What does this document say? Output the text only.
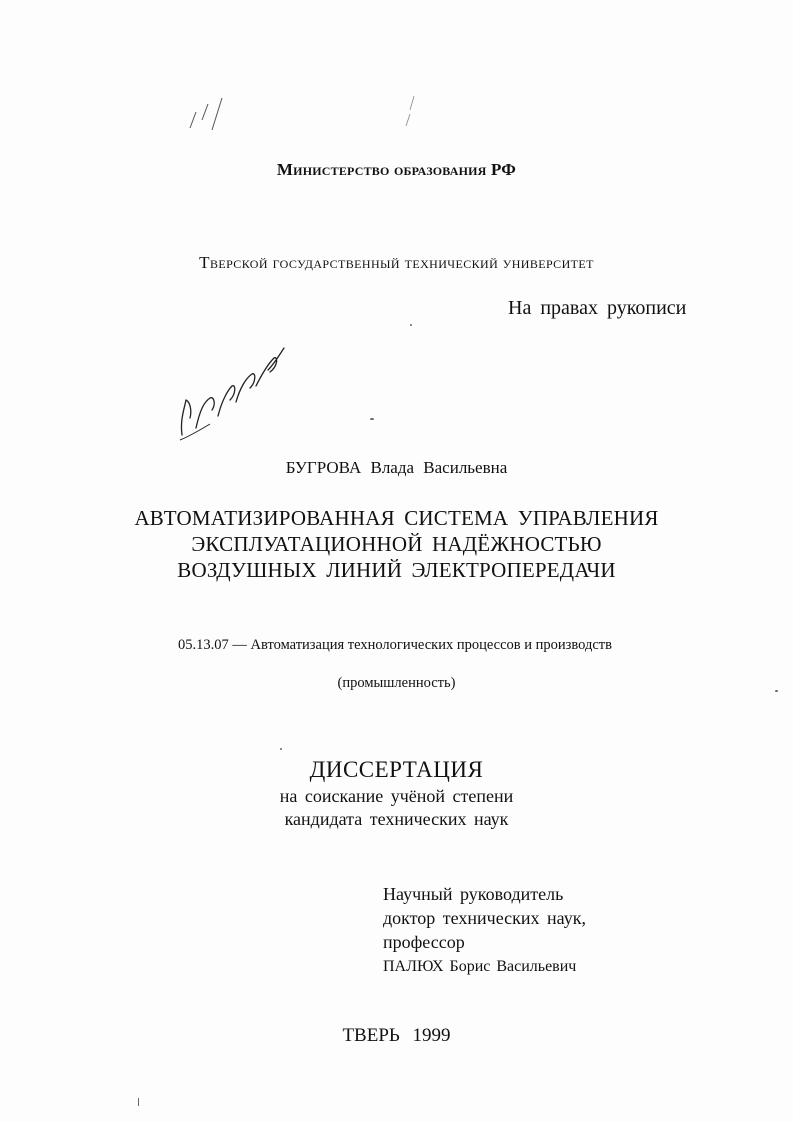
Министерство образования РФ
Тверской государственный технический университет
На правах рукописи
БУГРОВА Влада Васильевна
АВТОМАТИЗИРОВАННАЯ СИСТЕМА УПРАВЛЕНИЯ
ЭКСПЛУАТАЦИОННОЙ НАДЁЖНОСТЬЮ
ВОЗДУШНЫХ ЛИНИЙ ЭЛЕКТРОПЕРЕДАЧИ
05.13.07 — Автоматизация технологических процессов и производств
(промышленность)
ДИССЕРТАЦИЯ
на соискание учёной степени
кандидата технических наук
Научный руководитель
доктор технических наук,
профессор
ПАЛЮХ Борис Васильевич
ТВЕРЬ 1999
